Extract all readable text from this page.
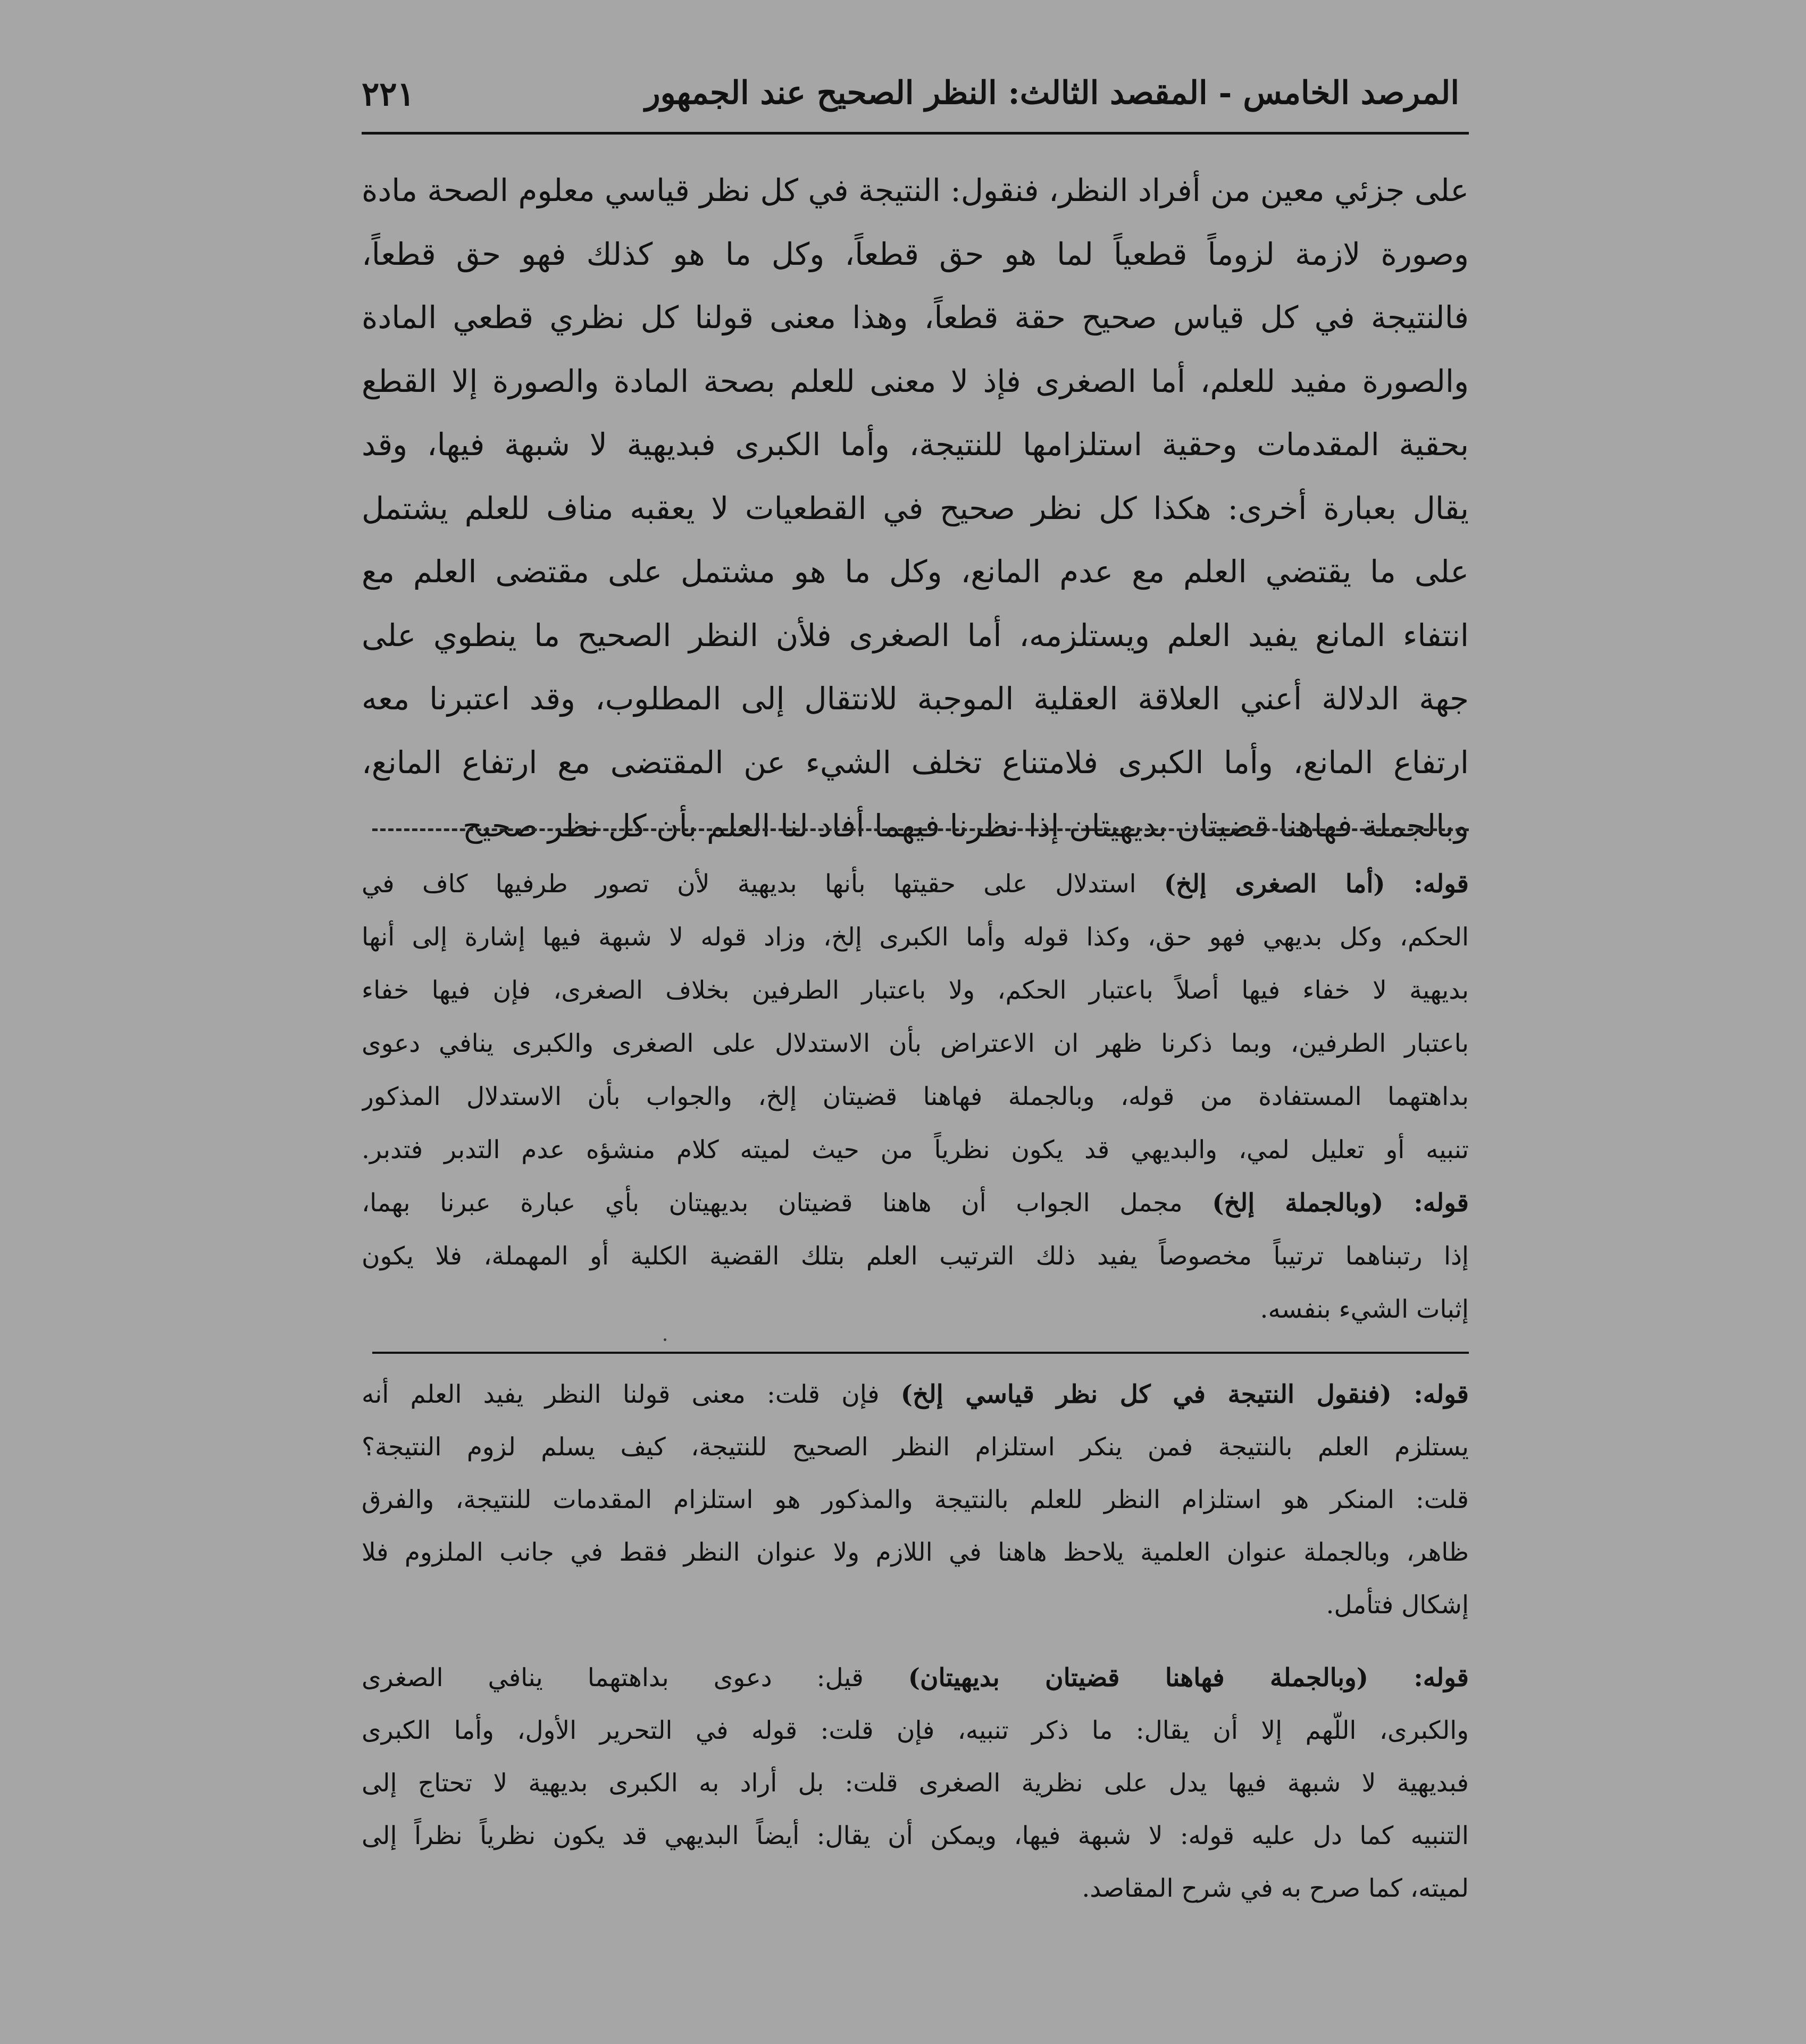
المرصد الخامس - المقصد الثالث: النظر الصحيح عند الجمهور
٢٢١
على جزئي معين من أفراد النظر، فنقول: النتيجة في كل نظر قياسي معلوم الصحة مادة
وصورة لازمة لزوماً قطعياً لما هو حق قطعاً، وكل ما هو كذلك فهو حق قطعاً،
فالنتيجة في كل قياس صحيح حقة قطعاً، وهذا معنى قولنا كل نظري قطعي المادة
والصورة مفيد للعلم، أما الصغرى فإذ لا معنى للعلم بصحة المادة والصورة إلا القطع
بحقية المقدمات وحقية استلزامها للنتيجة، وأما الكبرى فبديهية لا شبهة فيها، وقد
يقال بعبارة أخرى: هكذا كل نظر صحيح في القطعيات لا يعقبه مناف للعلم يشتمل
على ما يقتضي العلم مع عدم المانع، وكل ما هو مشتمل على مقتضى العلم مع
انتفاء المانع يفيد العلم ويستلزمه، أما الصغرى فلأن النظر الصحيح ما ينطوي على
جهة الدلالة أعني العلاقة العقلية الموجبة للانتقال إلى المطلوب، وقد اعتبرنا معه
ارتفاع المانع، وأما الكبرى فلامتناع تخلف الشيء عن المقتضى مع ارتفاع المانع،
وبالجملة فهاهنا قضيتان بديهيتان إذا نظرنا فيهما أفاد لنا العلم بأن كل نظر صحيح
قوله: (أما الصغرى إلخ) استدلال على حقيتها بأنها بديهية لأن تصور طرفيها كاف في
الحكم، وكل بديهي فهو حق، وكذا قوله وأما الكبرى إلخ، وزاد قوله لا شبهة فيها إشارة إلى أنها
بديهية لا خفاء فيها أصلاً باعتبار الحكم، ولا باعتبار الطرفين بخلاف الصغرى، فإن فيها خفاء
باعتبار الطرفين، وبما ذكرنا ظهر ان الاعتراض بأن الاستدلال على الصغرى والكبرى ينافي دعوى
بداهتهما المستفادة من قوله، وبالجملة فهاهنا قضيتان إلخ، والجواب بأن الاستدلال المذكور
تنبيه أو تعليل لمي، والبديهي قد يكون نظرياً من حيث لميته كلام منشؤه عدم التدبر فتدبر.
قوله: (وبالجملة إلخ) مجمل الجواب أن هاهنا قضيتان بديهيتان بأي عبارة عبرنا بهما،
إذا رتبناهما ترتيباً مخصوصاً يفيد ذلك الترتيب العلم بتلك القضية الكلية أو المهملة، فلا يكون
إثبات الشيء بنفسه.
قوله: (فنقول النتيجة في كل نظر قياسي إلخ) فإن قلت: معنى قولنا النظر يفيد العلم أنه
يستلزم العلم بالنتيجة فمن ينكر استلزام النظر الصحيح للنتيجة، كيف يسلم لزوم النتيجة؟
قلت: المنكر هو استلزام النظر للعلم بالنتيجة والمذكور هو استلزام المقدمات للنتيجة، والفرق
ظاهر، وبالجملة عنوان العلمية يلاحظ هاهنا في اللازم ولا عنوان النظر فقط في جانب الملزوم فلا
إشكال فتأمل.
قوله: (وبالجملة فهاهنا قضيتان بديهيتان) قيل: دعوى بداهتهما ينافي الصغرى
والكبرى، اللّهم إلا أن يقال: ما ذكر تنبيه، فإن قلت: قوله في التحرير الأول، وأما الكبرى
فبديهية لا شبهة فيها يدل على نظرية الصغرى قلت: بل أراد به الكبرى بديهية لا تحتاج إلى
التنبيه كما دل عليه قوله: لا شبهة فيها، ويمكن أن يقال: أيضاً البديهي قد يكون نظرياً نظراً إلى
لميته، كما صرح به في شرح المقاصد.
